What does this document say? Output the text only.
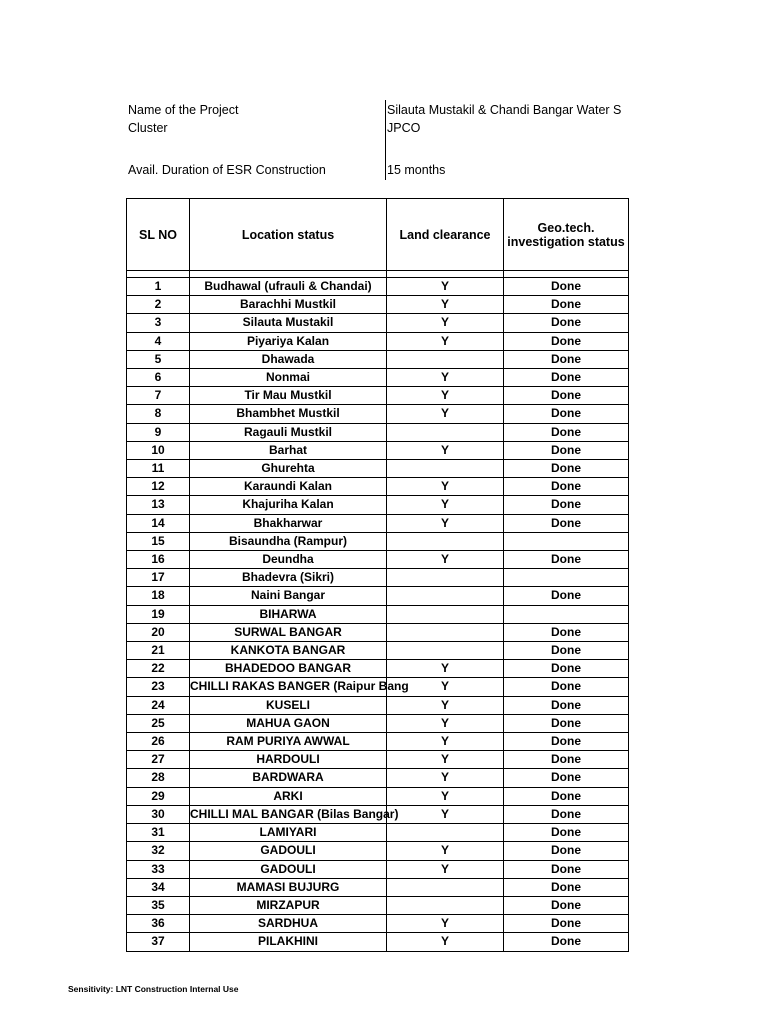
Name of the Project	Silauta Mustakil & Chandi Bangar Water S
Cluster	JPCO
Avail. Duration of ESR Construction	15 months
SL NO	Location status	Land clearance	Geo.tech. investigation status

1	Budhawal (ufrauli & Chandai)	Y	Done
2	Barachhi Mustkil	Y	Done
3	Silauta Mustakil	Y	Done
4	Piyariya Kalan	Y	Done
5	Dhawada		Done
6	Nonmai	Y	Done
7	Tir Mau Mustkil	Y	Done
8	Bhambhet Mustkil	Y	Done
9	Ragauli Mustkil		Done
10	Barhat	Y	Done
11	Ghurehta		Done
12	Karaundi Kalan	Y	Done
13	Khajuriha Kalan	Y	Done
14	Bhakharwar	Y	Done
15	Bisaundha (Rampur)		
16	Deundha	Y	Done
17	Bhadevra (Sikri)		
18	Naini Bangar		Done
19	BIHARWA		
20	SURWAL BANGAR		Done
21	KANKOTA BANGAR		Done
22	BHADEDOO BANGAR	Y	Done
23	CHILLI RAKAS BANGER (Raipur Bang	Y	Done
24	KUSELI	Y	Done
25	MAHUA GAON	Y	Done
26	RAM PURIYA AWWAL	Y	Done
27	HARDOULI	Y	Done
28	BARDWARA	Y	Done
29	ARKI	Y	Done
30	CHILLI MAL BANGAR (Bilas Bangar)	Y	Done
31	LAMIYARI		Done
32	GADOULI	Y	Done
33	GADOULI	Y	Done
34	MAMASI BUJURG		Done
35	MIRZAPUR		Done
36	SARDHUA	Y	Done
37	PILAKHINI	Y	Done
Sensitivity: LNT Construction Internal Use
